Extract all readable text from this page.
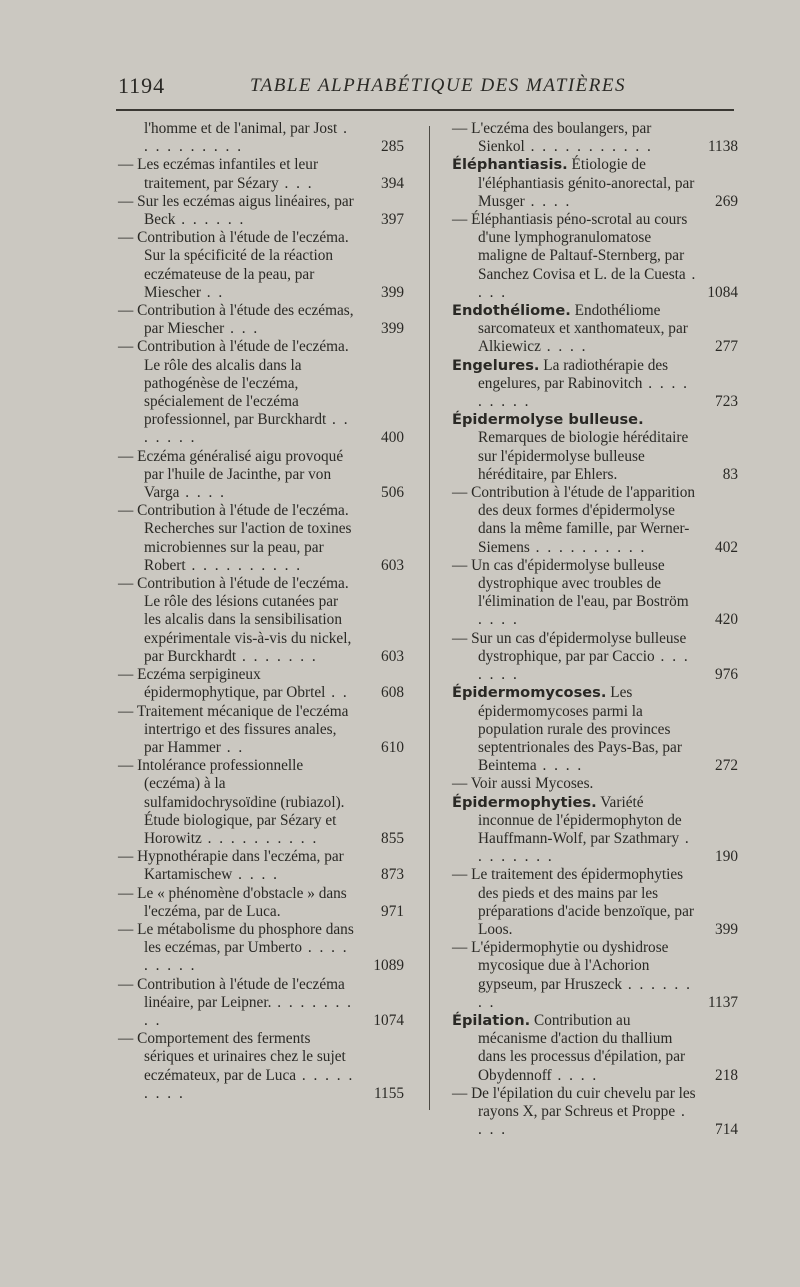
1194	TABLE ALPHABÉTIQUE DES MATIÈRES
l'homme et de l'animal, par Jost . . . . . . . . . .	285
— Les eczémas infantiles et leur traitement, par Sézary . . .	394
— Sur les eczémas aigus linéaires, par Beck . . . . . .	397
— Contribution à l'étude de l'eczéma. Sur la spécificité de la réaction eczémateuse de la peau, par Miescher . .	399
— Contribution à l'étude des eczémas, par Miescher . . .	399
— Contribution à l'étude de l'eczéma. Le rôle des alcalis dans la pathogénèse de l'eczéma, spécialement de l'eczéma professionnel, par Burckhardt . . . . . . .	400
— Eczéma généralisé aigu provoqué par l'huile de Jacinthe, par von Varga . . . .	506
— Contribution à l'étude de l'eczéma. Recherches sur l'action de toxines microbiennes sur la peau, par Robert . . . . . . . . . .	603
— Contribution à l'étude de l'eczéma. Le rôle des lésions cutanées par les alcalis dans la sensibilisation expérimentale vis-à-vis du nickel, par Burckhardt . . . . . . .	603
— Eczéma serpigineux épidermophytique, par Obrtel . . 608
— Traitement mécanique de l'eczéma intertrigo et des fissures anales, par Hammer . .	610
— Intolérance professionnelle (eczéma) à la sulfamidochrysoïdine (rubiazol). Étude biologique, par Sézary et Horowitz . . . . . . . . . .	855
— Hypnothérapie dans l'eczéma, par Kartamischew . . . .	873
— Le « phénomène d'obstacle » dans l'eczéma, par de Luca.	971
— Le métabolisme du phosphore dans les eczémas, par Umberto . . . . . . . . .	1089
— Contribution à l'étude de l'eczéma linéaire, par Leipner. . . . . . . . . .	1074
— Comportement des ferments sériques et urinaires chez le sujet eczémateux, par de Luca . . . . . . . . .	1155
— L'eczéma des boulangers, par Sienkol . . . . . . . . . . .	1138
Éléphantiasis. Étiologie de l'éléphantiasis génito-anorectal, par Musger . . . .	269
— Éléphantiasis péno-scrotal au cours d'une lymphogranulomatose maligne de Paltauf-Sternberg, par Sanchez Covisa et L. de la Cuesta . . . .	1084
Endothéliome. Endothéliome sarcomateux et xanthomateux, par Alkiewicz . . . .	277
Engelures. La radiothérapie des engelures, par Rabinovitch . . . . . . . . .	723
Épidermolyse bulleuse. Remarques de biologie héréditaire sur l'épidermolyse bulleuse héréditaire, par Ehlers.	83
— Contribution à l'étude de l'apparition des deux formes d'épidermolyse dans la même famille, par Werner-Siemens . . . . . . . . . .	402
— Un cas d'épidermolyse bulleuse dystrophique avec troubles de l'élimination de l'eau, par Boström . . . .	420
— Sur un cas d'épidermolyse bulleuse dystrophique, par par Caccio . . . . . . .	976
Épidermomycoses. Les épidermomycoses parmi la population rurale des provinces septentrionales des Pays-Bas, par Beintema . . . .	272
— Voir aussi Mycoses.
Épidermophyties. Variété inconnue de l'épidermophyton de Hauffmann-Wolf, par Szathmary . . . . . . . .	190
— Le traitement des épidermophyties des pieds et des mains par les préparations d'acide benzoïque, par Loos.	399
— L'épidermophytie ou dyshidrose mycosique due à l'Achorion gypseum, par Hruszeck . . . . . . . .	1137
Épilation. Contribution au mécanisme d'action du thallium dans les processus d'épilation, par Obydennoff . . . .	218
— De l'épilation du cuir chevelu par les rayons X, par Schreus et Proppe . . . .	714
